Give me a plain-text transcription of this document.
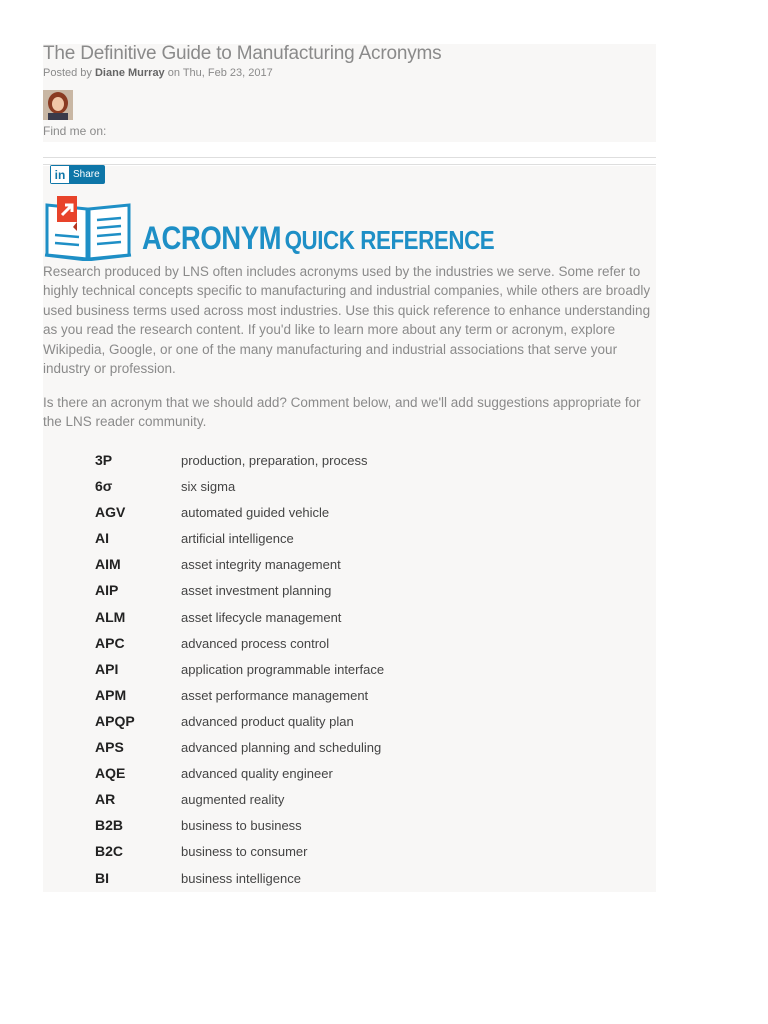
The Definitive Guide to Manufacturing Acronyms
Posted by Diane Murray on Thu, Feb 23, 2017
Find me on:
in Share
ACRONYM QUICK REFERENCE
Research produced by LNS often includes acronyms used by the industries we serve. Some refer to highly technical concepts specific to manufacturing and industrial companies, while others are broadly used business terms used across most industries. Use this quick reference to enhance understanding as you read the research content. If you'd like to learn more about any term or acronym, explore Wikipedia, Google, or one of the many manufacturing and industrial associations that serve your industry or profession.
Is there an acronym that we should add? Comment below, and we'll add suggestions appropriate for the LNS reader community.
3P	production, preparation, process
6σ	six sigma
AGV	automated guided vehicle
AI	artificial intelligence
AIM	asset integrity management
AIP	asset investment planning
ALM	asset lifecycle management
APC	advanced process control
API	application programmable interface
APM	asset performance management
APQP	advanced product quality plan
APS	advanced planning and scheduling
AQE	advanced quality engineer
AR	augmented reality
B2B	business to business
B2C	business to consumer
BI	business intelligence
